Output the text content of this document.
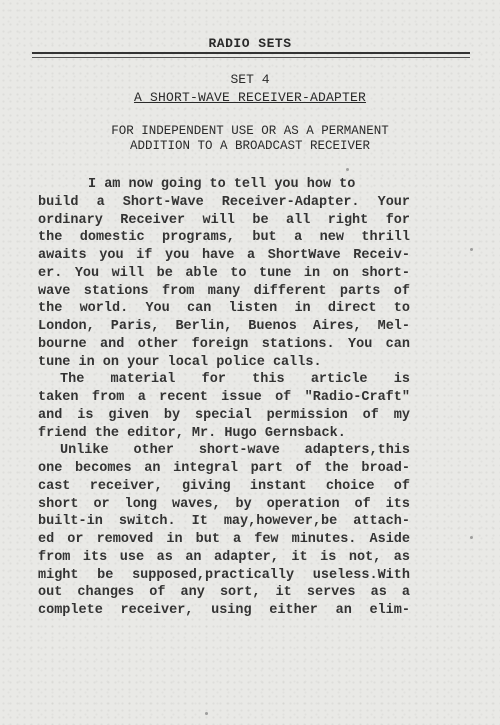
RADIO SETS
SET 4
A SHORT-WAVE RECEIVER-ADAPTER
FOR INDEPENDENT USE OR AS A PERMANENT
ADDITION TO A BROADCAST RECEIVER
I am now going to tell you how to
build a Short-Wave Receiver-Adapter. Your
ordinary Receiver will be all right for
the domestic programs, but a new thrill
awaits you if you have a ShortWave Receiv-
er. You will be able to tune in on short-
wave stations from many different parts of
the world. You can listen in direct to
London, Paris, Berlin, Buenos Aires, Mel-
bourne and other foreign stations. You can
tune in on your local police calls.
The material for this article is
taken from a recent issue of "Radio-Craft"
and is given by special permission of my
friend the editor, Mr. Hugo Gernsback.
Unlike other short-wave adapters,this
one becomes an integral part of the broad-
cast receiver, giving instant choice of
short or long waves, by operation of its
built-in switch. It may,however,be attach-
ed or removed in but a few minutes. Aside
from its use as an adapter, it is not, as
might be supposed,practically useless.With
out changes of any sort, it serves as a
complete receiver, using either an elim-
